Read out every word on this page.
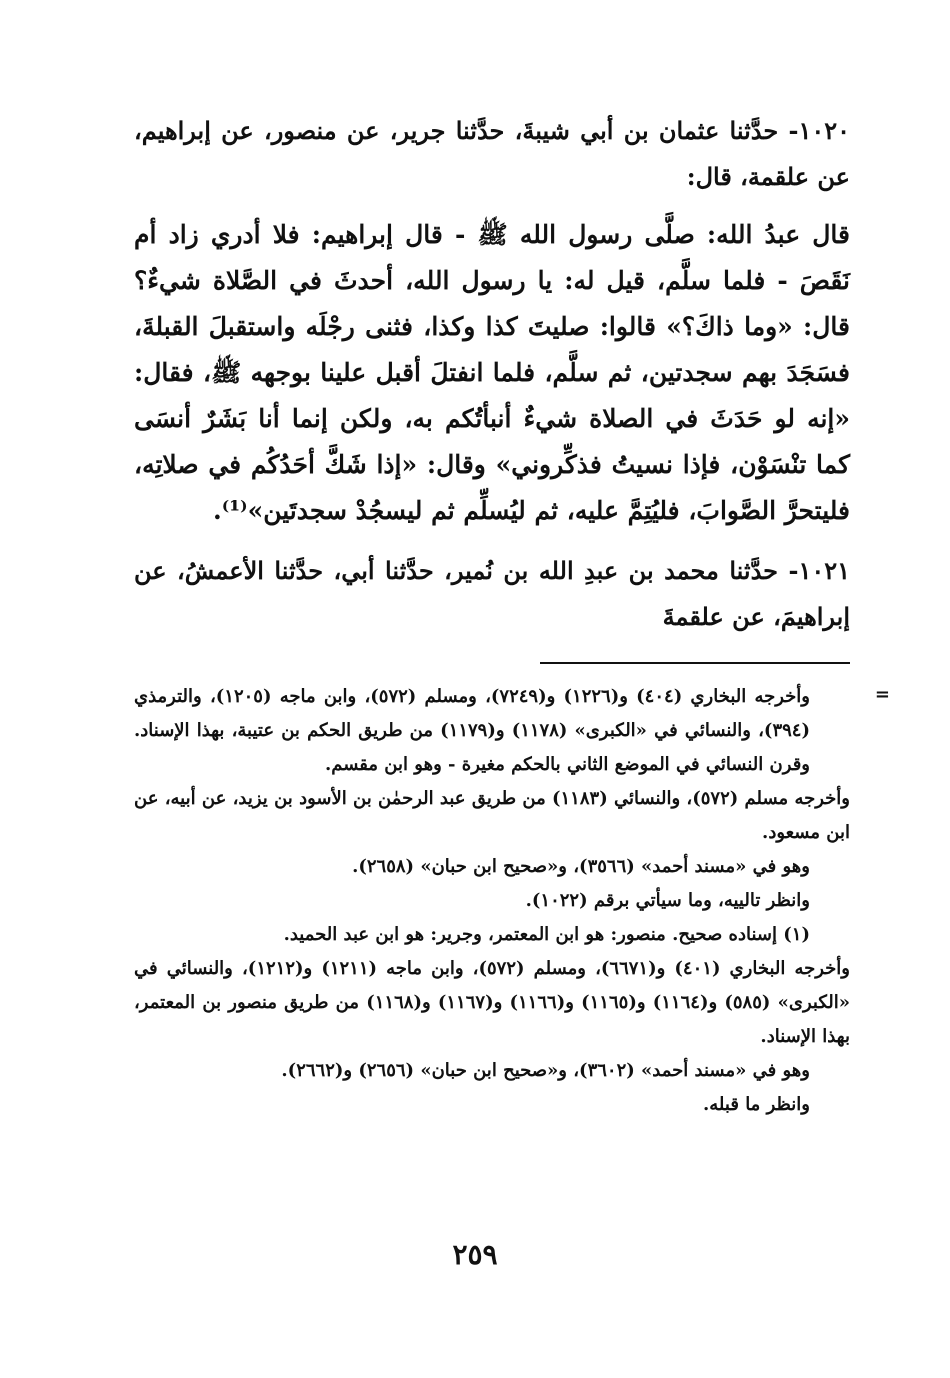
١٠٢٠- حدَّثنا عثمان بن أبي شيبةَ، حدَّثنا جرير، عن منصور، عن إبراهيم، عن علقمة، قال:

قال عبدُ الله: صلَّى رسول الله ﷺ - قال إبراهيم: فلا أدري زاد أم نَقَصَ - فلما سلَّم، قيل له: يا رسول الله، أحدثَ في الصَّلاة شيءٌ؟ قال: «وما ذاكَ؟» قالوا: صليتَ كذا وكذا، فثنى رجْلَه واستقبلَ القبلةَ، فسَجَدَ بهم سجدتين، ثم سلَّم، فلما انفتلَ أقبل علينا بوجهه ﷺ، فقال: «إنه لو حَدَثَ في الصلاة شيءٌ أنبأتُكم به، ولكن إنما أنا بَشَرٌ أنسَى كما تنْسَوْن، فإذا نسيتُ فذكِّروني» وقال: «إذا شَكَّ أحَدُكُم في صلاتِه، فليتحرَّ الصَّوابَ، فليُتِمَّ عليه، ثم ليُسلِّم ثم ليسجُدْ سجدتَين»⁽¹⁾.

١٠٢١- حدَّثنا محمد بن عبدِ الله بن نُمير، حدَّثنا أبي، حدَّثنا الأعمشُ، عن إبراهيمَ، عن علقمةَ

=

وأخرجه البخاري (٤٠٤) و(١٢٢٦) و(٧٢٤٩)، ومسلم (٥٧٢)، وابن ماجه (١٢٠٥)، والترمذي (٣٩٤)، والنسائي في «الكبرى» (١١٧٨) و(١١٧٩) من طريق الحكم بن عتيبة، بهذا الإسناد. وقرن النسائي في الموضع الثاني بالحكم مغيرة - وهو ابن مقسم.

وأخرجه مسلم (٥٧٢)، والنسائي (١١٨٣) من طريق عبد الرحمٰن بن الأسود بن يزيد، عن أبيه، عن ابن مسعود.

وهو في «مسند أحمد» (٣٥٦٦)، و«صحيح ابن حبان» (٢٦٥٨).

وانظر تالييه، وما سيأتي برقم (١٠٢٢).

(١) إسناده صحيح. منصور: هو ابن المعتمر، وجرير: هو ابن عبد الحميد.

وأخرجه البخاري (٤٠١) و(٦٦٧١)، ومسلم (٥٧٢)، وابن ماجه (١٢١١) و(١٢١٢)، والنسائي في «الكبرى» (٥٨٥) و(١١٦٤) و(١١٦٥) و(١١٦٦) و(١١٦٧) و(١١٦٨) من طريق منصور بن المعتمر، بهذا الإسناد.

وهو في «مسند أحمد» (٣٦٠٢)، و«صحيح ابن حبان» (٢٦٥٦) و(٢٦٦٢).

وانظر ما قبله.

٢٥٩
